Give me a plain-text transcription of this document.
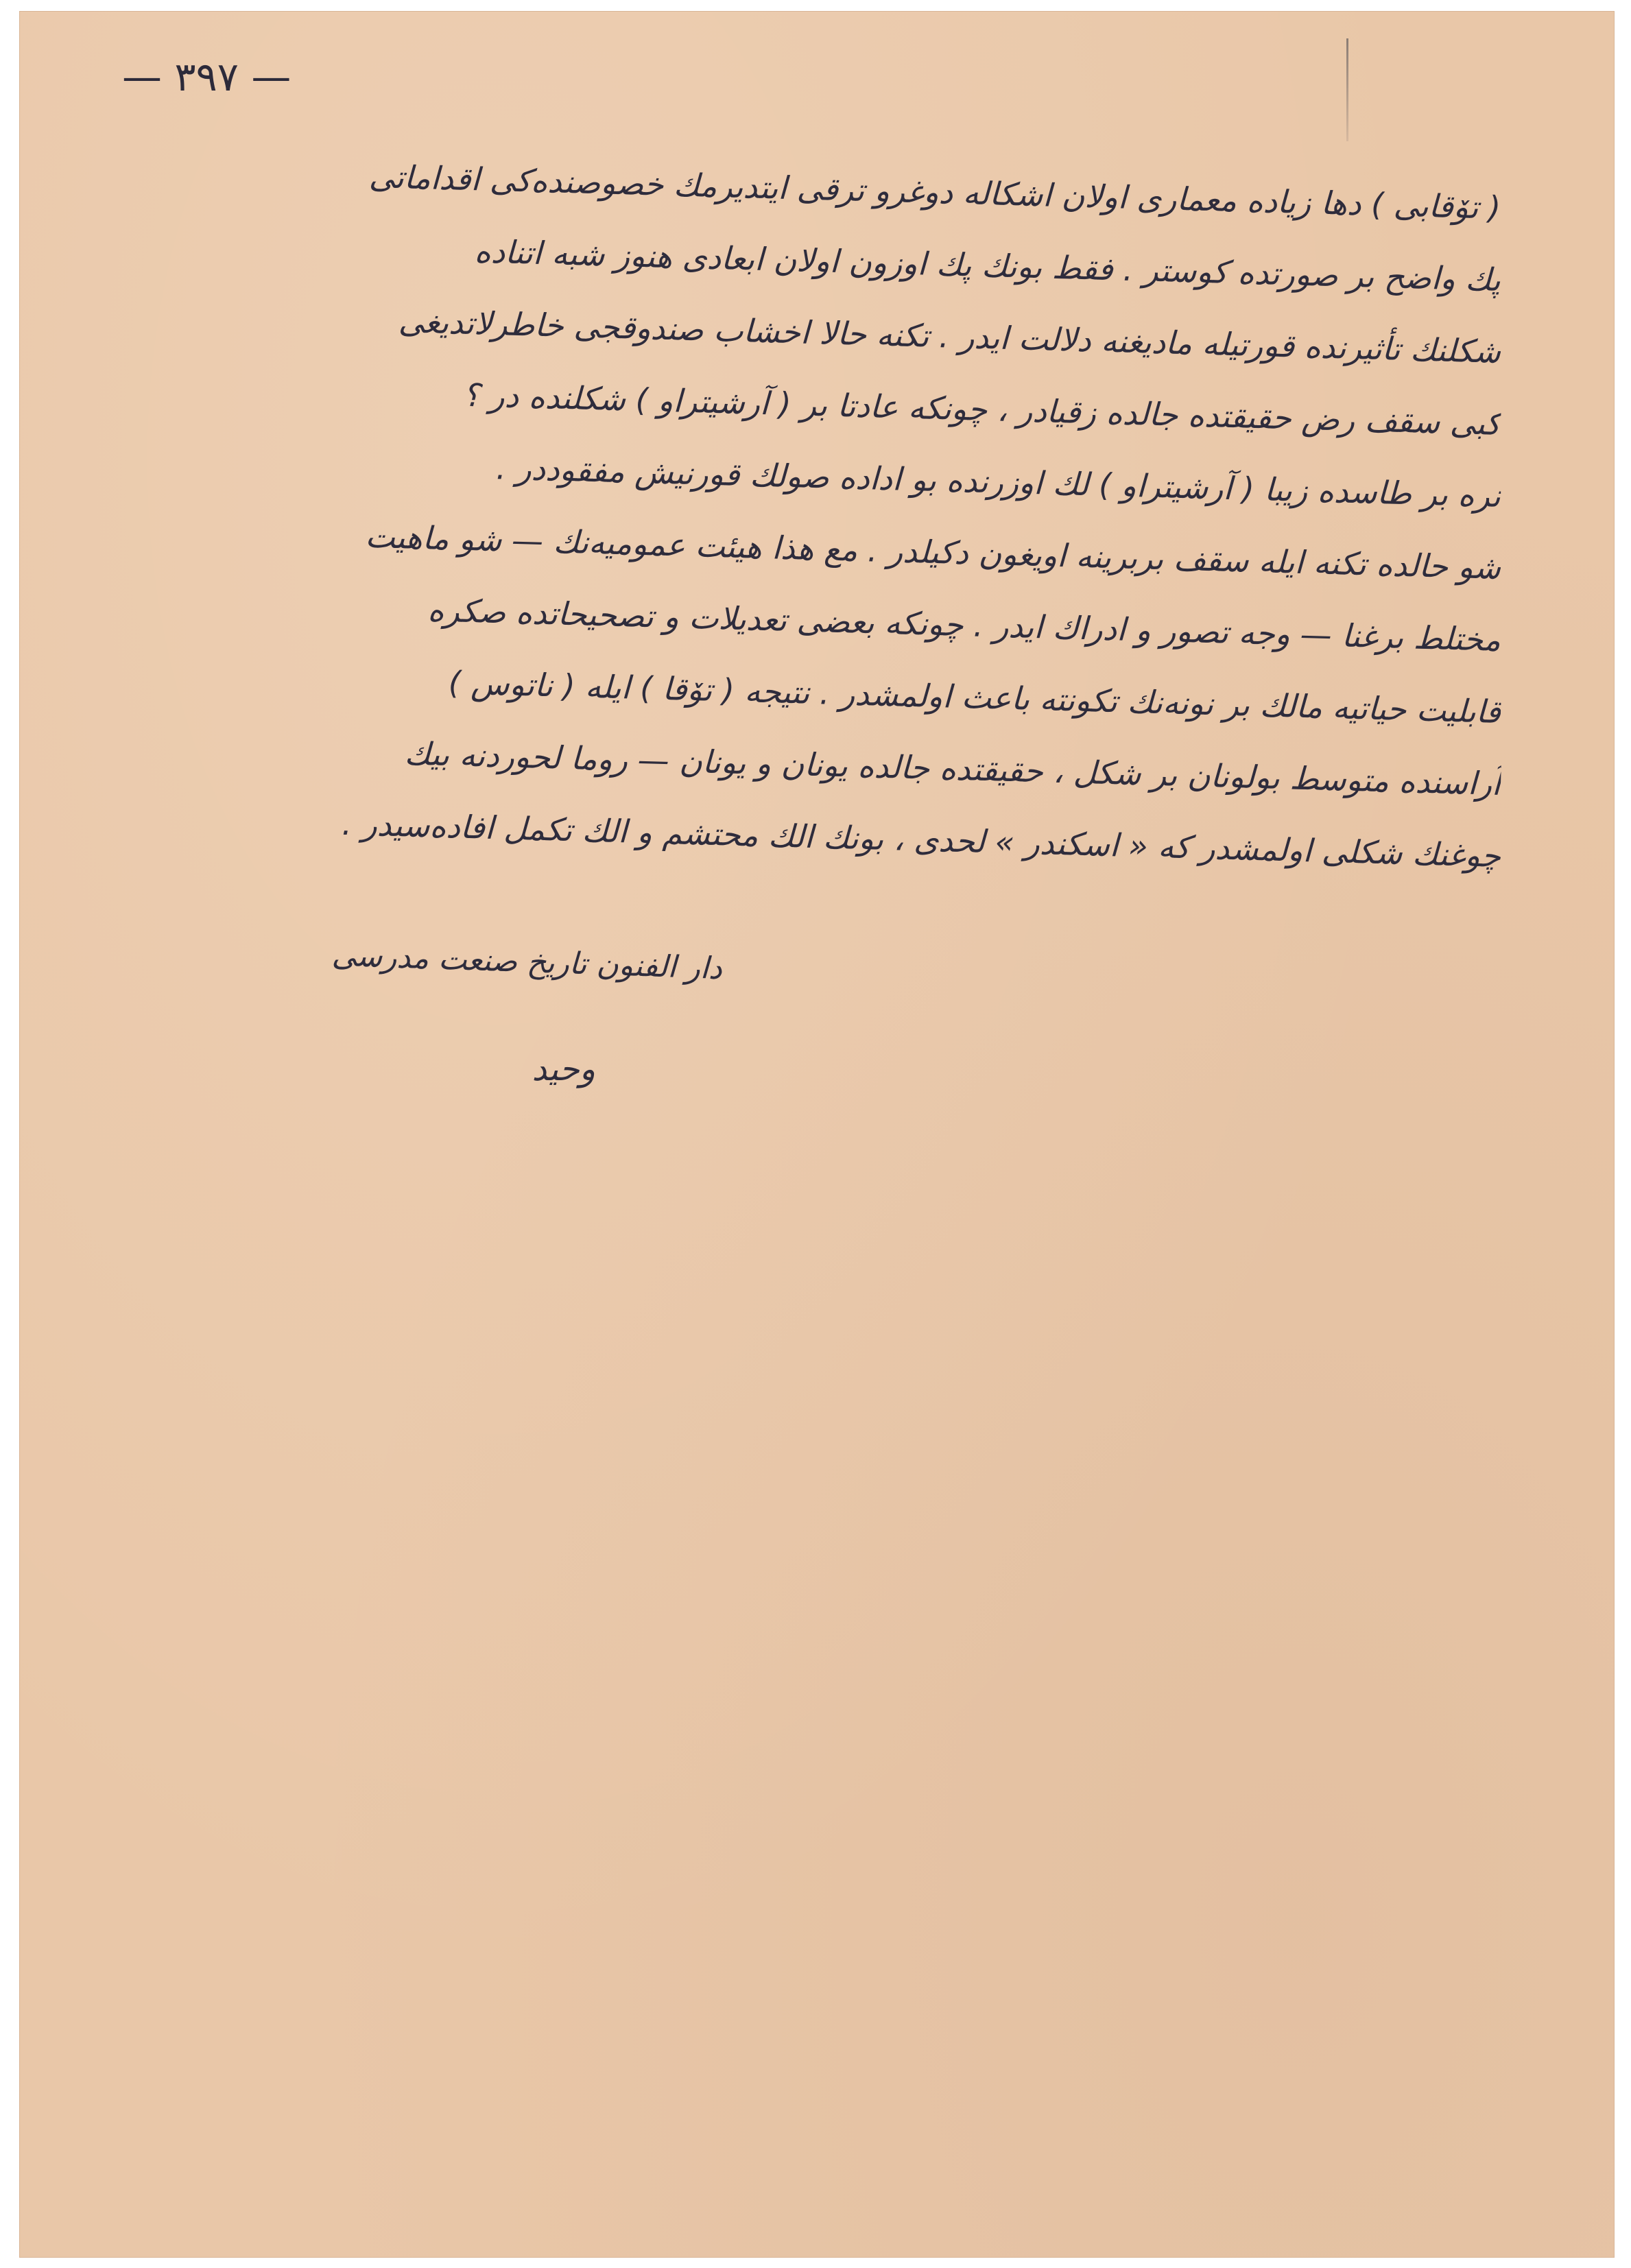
— ٣٩٧ —
( تۆقابی ) دها زیاده معماری اولان اشكاله دوغرو ترقی ایتدیرمك خصوصنده‌كی اقداماتی
پك واضح بر صورتده كوستر . فقط بونك پك اوزون اولان ابعادی هنوز شبه اتناده
شكلنك تأثیرنده قورتیله مادیغنه دلالت ایدر . تكنه حالا اخشاب صندوقجی خاطرلاتدیغی
كبی سقف رض حقیقتده جالده زقیادر ، چونكه عادتا بر ( آرشیتراو ) شكلنده در ؟
نره بر طاسده زیبا ( آرشیتراو ) لك اوزرنده بو اداده صولك قورنیش مفقوددر .
شو حالده تكنه ایله سقف بربرینه اویغون دكیلدر . مع هذا هیئت عمومیه‌نك — شو ماهیت
مختلط برغنا — وجه تصور و ادراك ایدر . چونكه بعضی تعدیلات و تصحیحاتده صكره
قابلیت حیاتیه مالك بر نونه‌نك تكونته باعث اولمشدر . نتیجه ( تۆقا ) ایله ( ناتوس )
آراسنده متوسط بولونان بر شكل ، حقیقتده جالده یونان و یونان — روما لحوردنه بیك
چوغنك شكلی اولمشدر كه « اسكندر » لحدی ، بونك الك محتشم و الك تكمل افاده‌سیدر .
دار الفنون تاریخ صنعت مدرسی
وحید
